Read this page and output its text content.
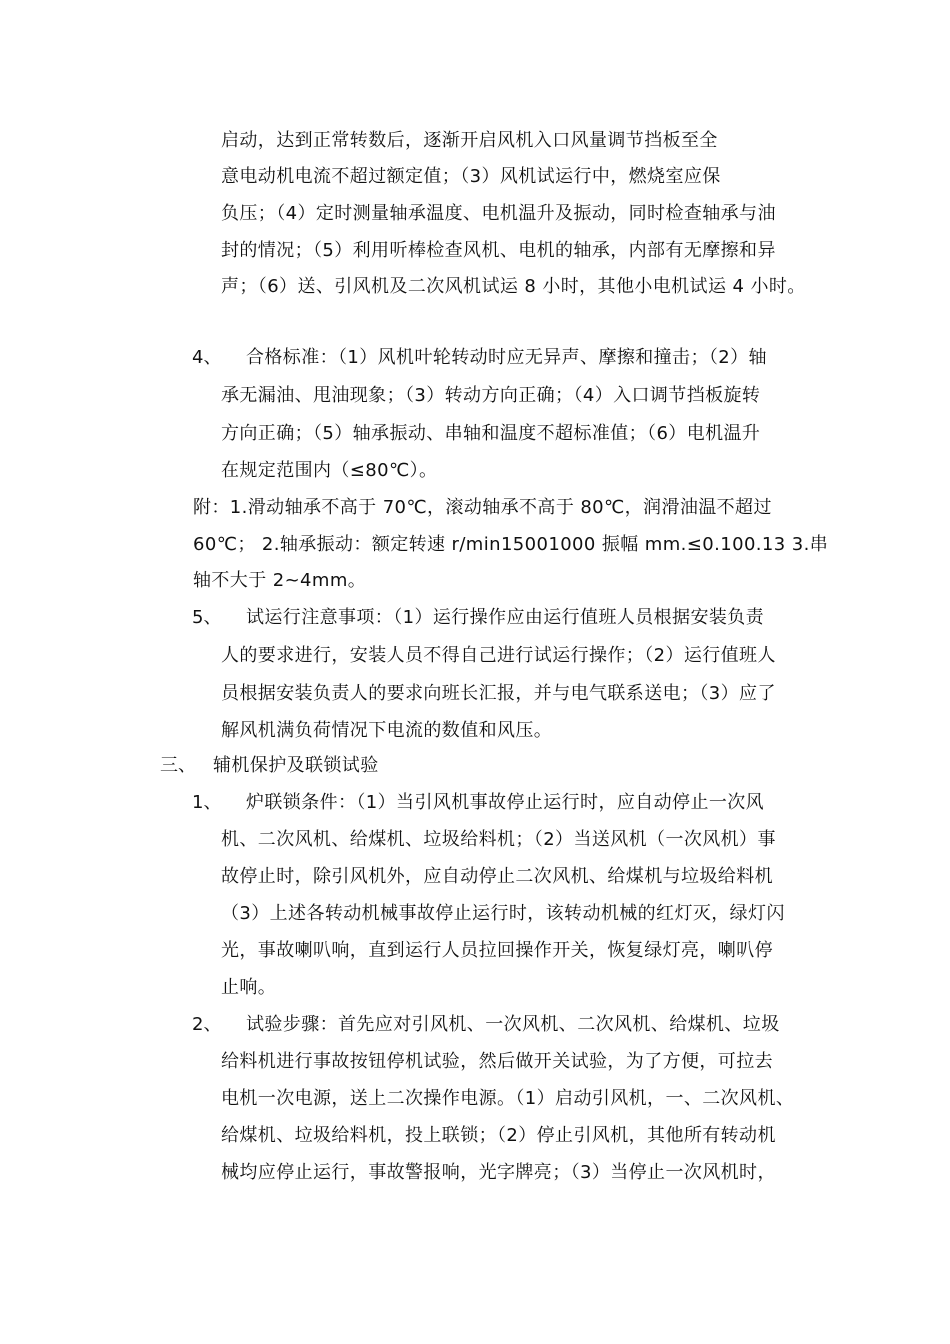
启动，达到正常转数后，逐渐开启风机入口风量调节挡板至全
意电动机电流不超过额定值；（3）风机试运行中，燃烧室应保
负压；（4）定时测量轴承温度、电机温升及振动，同时检查轴承与油
封的情况；（5）利用听棒检查风机、电机的轴承，内部有无摩擦和异
声；（6）送、引风机及二次风机试运 8 小时，其他小电机试运 4 小时。
4、 合格标准：（1）风机叶轮转动时应无异声、摩擦和撞击；（2）轴
承无漏油、甩油现象；（3）转动方向正确；（4）入口调节挡板旋转
方向正确；（5）轴承振动、串轴和温度不超标准值；（6）电机温升
在规定范围内（≤80℃）。
附：1.滑动轴承不高于 70℃，滚动轴承不高于 80℃，润滑油温不超过
60℃； 2.轴承振动：额定转速 r/min15001000 振幅 mm.≤0.100.13 3.串
轴不大于 2~4mm。
5、 试运行注意事项：（1）运行操作应由运行值班人员根据安装负责
人的要求进行，安装人员不得自己进行试运行操作；（2）运行值班人
员根据安装负责人的要求向班长汇报，并与电气联系送电；（3）应了
解风机满负荷情况下电流的数值和风压。
三、 辅机保护及联锁试验
1、 炉联锁条件：（1）当引风机事故停止运行时，应自动停止一次风
机、二次风机、给煤机、垃圾给料机；（2）当送风机（一次风机）事
故停止时，除引风机外，应自动停止二次风机、给煤机与垃圾给料机
（3）上述各转动机械事故停止运行时，该转动机械的红灯灭，绿灯闪
光，事故喇叭响，直到运行人员拉回操作开关，恢复绿灯亮，喇叭停
止响。
2、 试验步骤：首先应对引风机、一次风机、二次风机、给煤机、垃圾
给料机进行事故按钮停机试验，然后做开关试验，为了方便，可拉去
电机一次电源，送上二次操作电源。（1）启动引风机，一、二次风机、
给煤机、垃圾给料机，投上联锁；（2）停止引风机，其他所有转动机
械均应停止运行，事故警报响，光字牌亮；（3）当停止一次风机时，
